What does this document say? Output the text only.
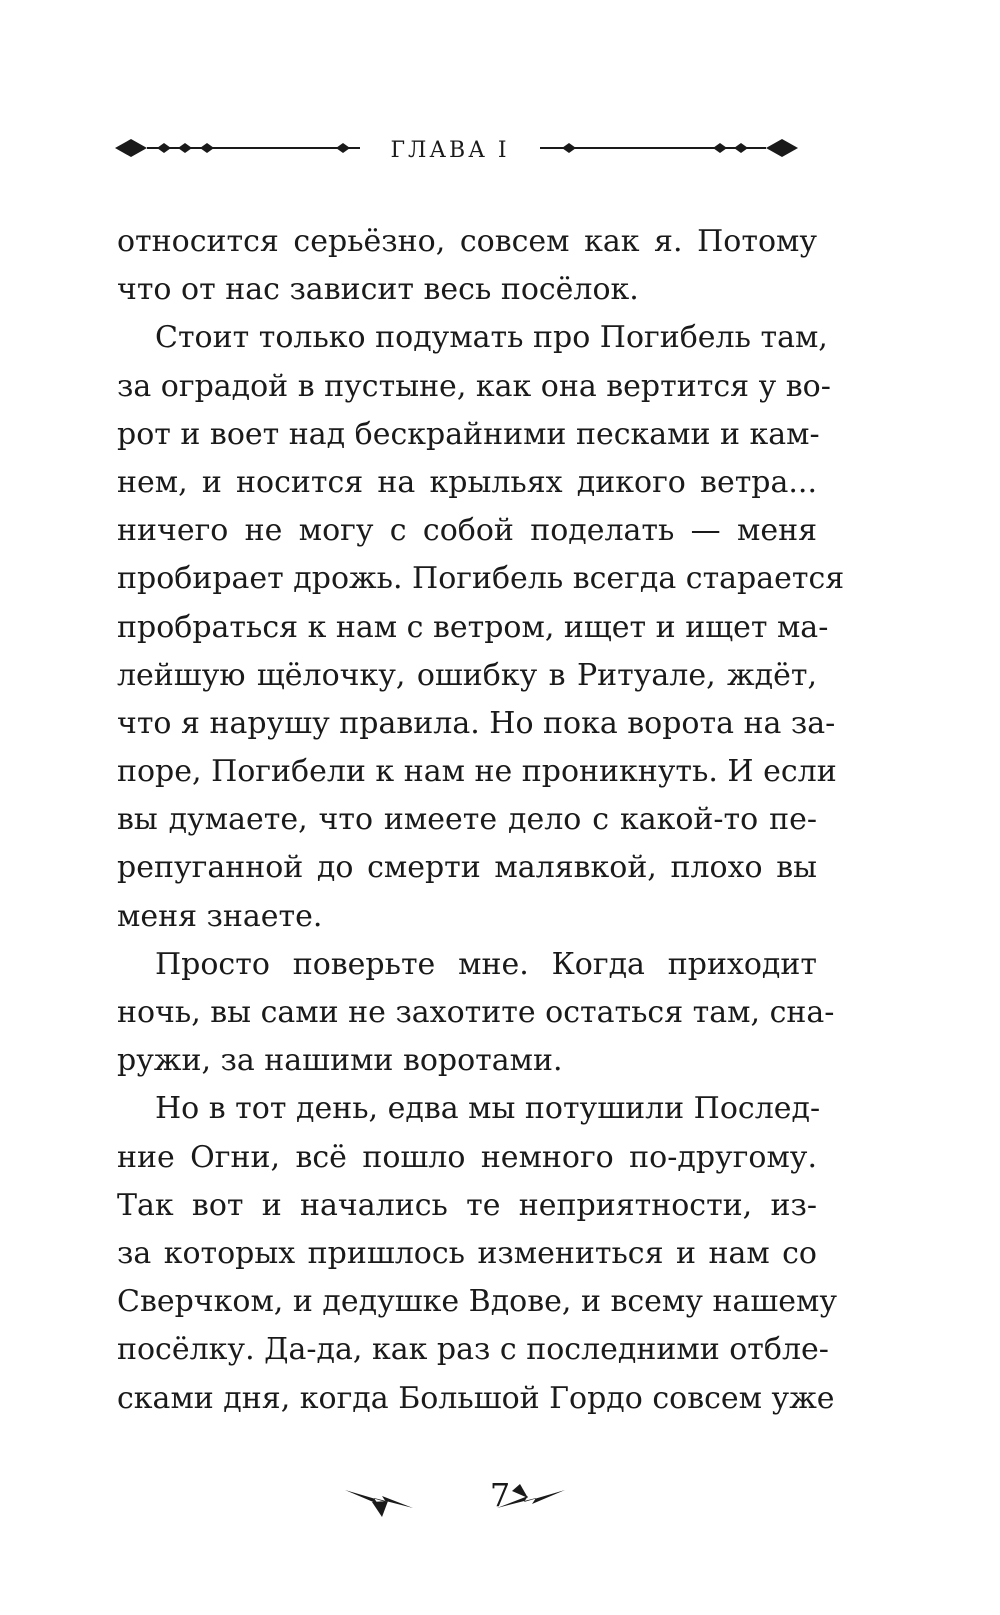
ГЛАВА I
относится серьёзно, совсем как я. Потому
что от нас зависит весь посёлок.
Стоит только подумать про Погибель там,
за оградой в пустыне, как она вертится у во-
рот и воет над бескрайними песками и кам-
нем, и носится на крыльях дикого ветра...
ничего не могу с собой поделать — меня
пробирает дрожь. Погибель всегда старается
пробраться к нам с ветром, ищет и ищет ма-
лейшую щёлочку, ошибку в Ритуале, ждёт,
что я нарушу правила. Но пока ворота на за-
поре, Погибели к нам не проникнуть. И если
вы думаете, что имеете дело с какой-то пе-
репуганной до смерти малявкой, плохо вы
меня знаете.
Просто поверьте мне. Когда приходит
ночь, вы сами не захотите остаться там, сна-
ружи, за нашими воротами.
Но в тот день, едва мы потушили Послед-
ние Огни, всё пошло немного по-другому.
Так вот и начались те неприятности, из-
за которых пришлось измениться и нам со
Сверчком, и дедушке Вдове, и всему нашему
посёлку. Да-да, как раз с последними отбле-
сками дня, когда Большой Гордо совсем уже
7
